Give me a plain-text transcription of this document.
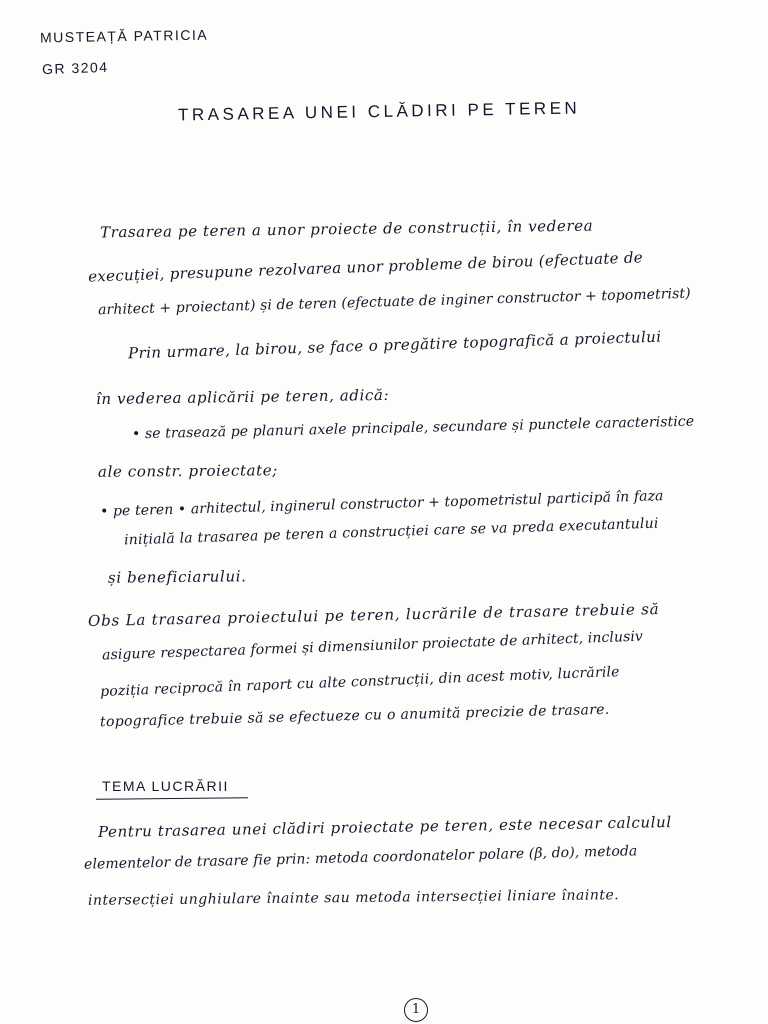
MUSTEAȚĂ PATRICIA
GR 3204
TRASAREA UNEI CLĂDIRI PE TEREN
Trasarea pe teren a unor proiecte de construcții, în vederea
execuției, presupune rezolvarea unor probleme de birou (efectuate de
arhitect + proiectant) și de teren (efectuate de inginer constructor + topometrist)
Prin urmare, la birou, se face o pregătire topografică a proiectului
în vederea aplicării pe teren, adică:
• se trasează pe planuri axele principale, secundare și punctele caracteristice
ale constr. proiectate;
• pe teren • arhitectul, inginerul constructor + topometristul participă în faza
inițială la trasarea pe teren a construcției care se va preda executantului
și beneficiarului.
Obs La trasarea proiectului pe teren, lucrările de trasare trebuie să
asigure respectarea formei și dimensiunilor proiectate de arhitect, inclusiv
poziția reciprocă în raport cu alte construcții, din acest motiv, lucrările
topografice trebuie să se efectueze cu o anumită precizie de trasare.
TEMA LUCRĂRII
Pentru trasarea unei clădiri proiectate pe teren, este necesar calculul
elementelor de trasare fie prin: metoda coordonatelor polare (β, do), metoda
intersecției unghiulare înainte sau metoda intersecției liniare înainte.
1
